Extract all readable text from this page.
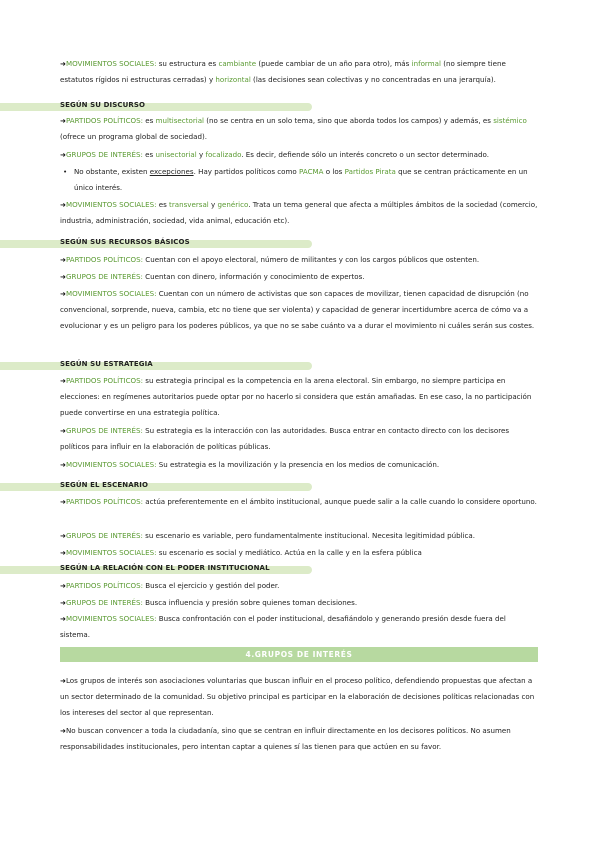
➜MOVIMIENTOS SOCIALES: su estructura es cambiante (puede cambiar de un año para otro), más informal (no siempre tiene estatutos rígidos ni estructuras cerradas) y horizontal (las decisiones sean colectivas y no concentradas en una jerarquía).

SEGÚN SU DISCURSO

➜PARTIDOS POLÍTICOS: es multisectorial (no se centra en un solo tema, sino que aborda todos los campos) y además, es sistémico (ofrece un programa global de sociedad).

➜GRUPOS DE INTERÉS: es unisectorial y focalizado. Es decir, defiende sólo un interés concreto o un sector determinado.

• No obstante, existen excepciones. Hay partidos políticos como PACMA o los Partidos Pirata que se centran prácticamente en un único interés.

➜MOVIMIENTOS SOCIALES: es transversal y genérico. Trata un tema general que afecta a múltiples ámbitos de la sociedad (comercio, industria, administración, sociedad, vida animal, educación etc).

SEGÚN SUS RECURSOS BÁSICOS

➜PARTIDOS POLÍTICOS: Cuentan con el apoyo electoral, número de militantes y con los cargos públicos que ostenten.

➜GRUPOS DE INTERÉS: Cuentan con dinero, información y conocimiento de expertos.

➜MOVIMIENTOS SOCIALES: Cuentan con un número de activistas que son capaces de movilizar, tienen capacidad de disrupción (no convencional, sorprende, nueva, cambia, etc no tiene que ser violenta) y capacidad de generar incertidumbre acerca de cómo va a evolucionar y es un peligro para los poderes públicos, ya que no se sabe cuánto va a durar el movimiento ni cuáles serán sus costes.

SEGÚN SU ESTRATEGIA

➜PARTIDOS POLÍTICOS: su estrategia principal es la competencia en la arena electoral. Sin embargo, no siempre participa en elecciones: en regímenes autoritarios puede optar por no hacerlo si considera que están amañadas. En ese caso, la no participación puede convertirse en una estrategia política.

➜GRUPOS DE INTERÉS: Su estrategia es la interacción con las autoridades. Busca entrar en contacto directo con los decisores políticos para influir en la elaboración de políticas públicas.

➜MOVIMIENTOS SOCIALES: Su estrategia es la movilización y la presencia en los medios de comunicación.

SEGÚN EL ESCENARIO

➜PARTIDOS POLÍTICOS: actúa preferentemente en el ámbito institucional, aunque puede salir a la calle cuando lo considere oportuno.

➜GRUPOS DE INTERÉS: su escenario es variable, pero fundamentalmente institucional. Necesita legitimidad pública.

➜MOVIMIENTOS SOCIALES: su escenario es social y mediático. Actúa en la calle y en la esfera pública

SEGÚN LA RELACIÓN CON EL PODER INSTITUCIONAL

➜PARTIDOS POLÍTICOS: Busca el ejercicio y gestión del poder.

➜GRUPOS DE INTERÉS: Busca influencia y presión sobre quienes toman decisiones.

➜MOVIMIENTOS SOCIALES: Busca confrontación con el poder institucional, desafiándolo y generando presión desde fuera del sistema.

4.GRUPOS DE INTERÉS

➜Los grupos de interés son asociaciones voluntarias que buscan influir en el proceso político, defendiendo propuestas que afectan a un sector determinado de la comunidad. Su objetivo principal es participar en la elaboración de decisiones políticas relacionadas con los intereses del sector al que representan.

➜No buscan convencer a toda la ciudadanía, sino que se centran en influir directamente en los decisores políticos. No asumen responsabilidades institucionales, pero intentan captar a quienes sí las tienen para que actúen en su favor.
